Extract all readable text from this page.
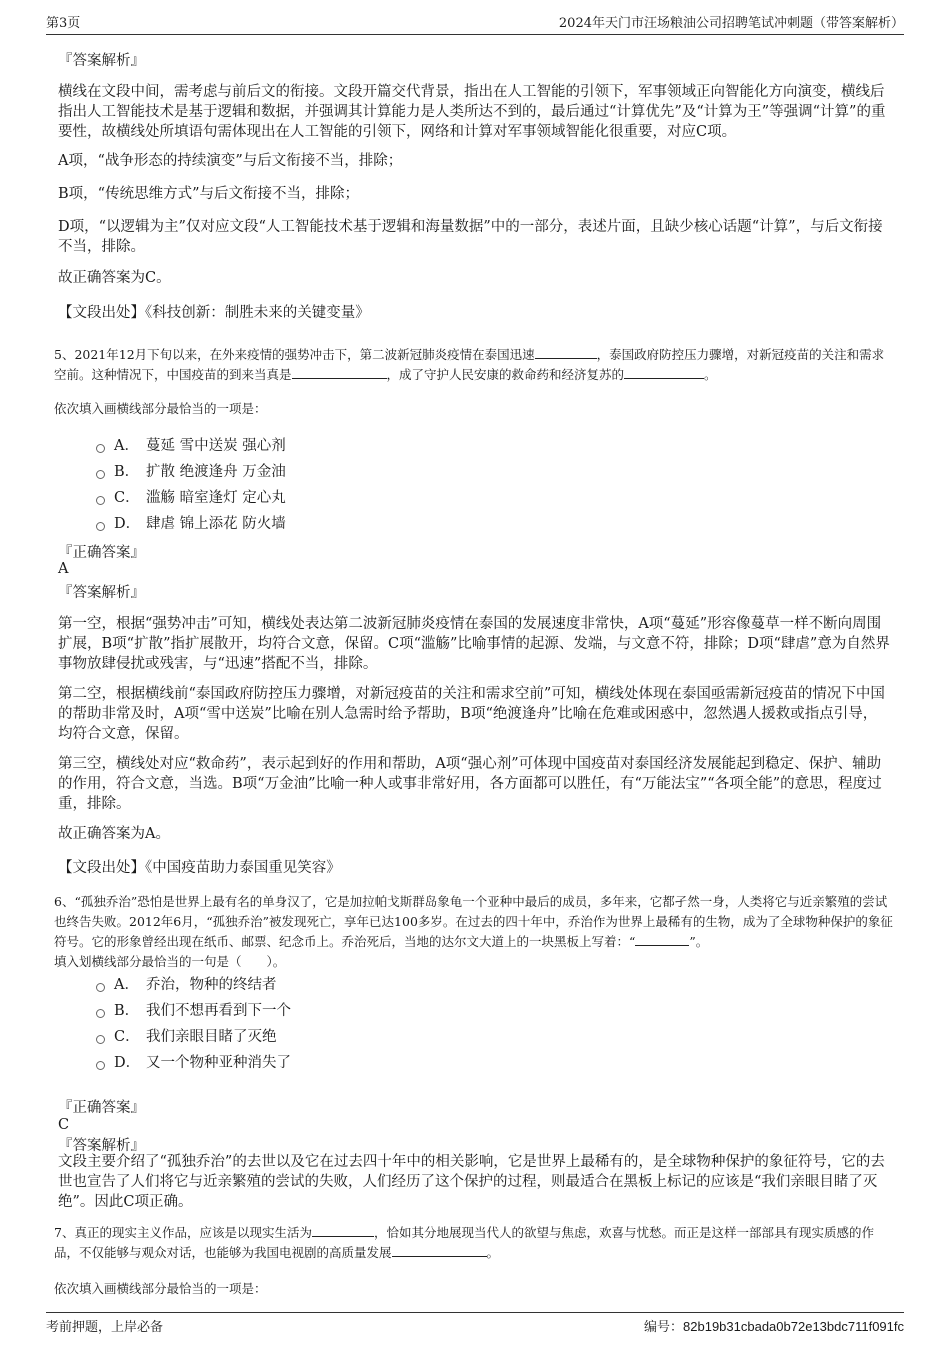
第3页	2024年天门市汪场粮油公司招聘笔试冲刺题（带答案解析）
『答案解析』

横线在文段中间，需考虑与前后文的衔接。文段开篇交代背景，指出在人工智能的引领下，军事领域正向智能化方向演变，横线后指出人工智能技术是基于逻辑和数据，并强调其计算能力是人类所达不到的，最后通过“计算优先”及“计算为王”等强调“计算”的重要性，故横线处所填语句需体现出在人工智能的引领下，网络和计算对军事领域智能化很重要，对应C项。

A项，“战争形态的持续演变”与后文衔接不当，排除；

B项，“传统思维方式”与后文衔接不当，排除；

D项，“以逻辑为主”仅对应文段“人工智能技术基于逻辑和海量数据”中的一部分，表述片面，且缺少核心话题“计算”，与后文衔接不当，排除。

故正确答案为C。

【文段出处】《科技创新：制胜未来的关键变量》

5、2021年12月下旬以来，在外来疫情的强势冲击下，第二波新冠肺炎疫情在泰国迅速	，泰国政府防控压力骤增，对新冠疫苗的关注和需求空前。这种情况下，中国疫苗的到来当真是	，成了守护人民安康的救命药和经济复苏的	。

依次填入画横线部分最恰当的一项是：

A． 蔓延 雪中送炭 强心剂
B． 扩散 绝渡逢舟 万金油
C． 滥觞 暗室逢灯 定心丸
D． 肆虐 锦上添花 防火墙
『正确答案』
A
『答案解析』

第一空，根据“强势冲击”可知，横线处表达第二波新冠肺炎疫情在泰国的发展速度非常快，A项“蔓延”形容像蔓草一样不断向周围扩展，B项“扩散”指扩展散开，均符合文意，保留。C项“滥觞”比喻事情的起源、发端，与文意不符，排除；D项“肆虐”意为自然界事物放肆侵扰或残害，与“迅速”搭配不当，排除。

第二空，根据横线前“泰国政府防控压力骤增，对新冠疫苗的关注和需求空前”可知，横线处体现在泰国亟需新冠疫苗的情况下中国的帮助非常及时，A项“雪中送炭”比喻在别人急需时给予帮助，B项“绝渡逢舟”比喻在危难或困惑中，忽然遇人援救或指点引导，均符合文意，保留。

第三空，横线处对应“救命药”，表示起到好的作用和帮助，A项“强心剂”可体现中国疫苗对泰国经济发展能起到稳定、保护、辅助的作用，符合文意，当选。B项“万金油”比喻一种人或事非常好用，各方面都可以胜任，有“万能法宝”“各项全能”的意思，程度过重，排除。

故正确答案为A。

【文段出处】《中国疫苗助力泰国重见笑容》

6、“孤独乔治”恐怕是世界上最有名的单身汉了，它是加拉帕戈斯群岛象龟一个亚种中最后的成员，多年来，它都孑然一身，人类将它与近亲繁殖的尝试也终告失败。2012年6月，“孤独乔治”被发现死亡，享年已达100多岁。在过去的四十年中，乔治作为世界上最稀有的生物，成为了全球物种保护的象征符号。它的形象曾经出现在纸币、邮票、纪念币上。乔治死后，当地的达尔文大道上的一块黑板上写着：“	”。

填入划横线部分最恰当的一句是（　　）。

A． 乔治，物种的终结者
B． 我们不想再看到下一个
C． 我们亲眼目睹了灭绝
D． 又一个物种亚种消失了
『正确答案』
C
『答案解析』

文段主要介绍了“孤独乔治”的去世以及它在过去四十年中的相关影响，它是世界上最稀有的，是全球物种保护的象征符号，它的去世也宣告了人们将它与近亲繁殖的尝试的失败，人们经历了这个保护的过程，则最适合在黑板上标记的应该是“我们亲眼目睹了灭绝”。因此C项正确。

7、真正的现实主义作品，应该是以现实生活为	，恰如其分地展现当代人的欲望与焦虑，欢喜与忧愁。而正是这样一部部具有现实质感的作品，不仅能够与观众对话，也能够为我国电视剧的高质量发展	。

依次填入画横线部分最恰当的一项是：

考前押题，上岸必备	编号：82b19b31cbada0b72e13bdc711f091fc
